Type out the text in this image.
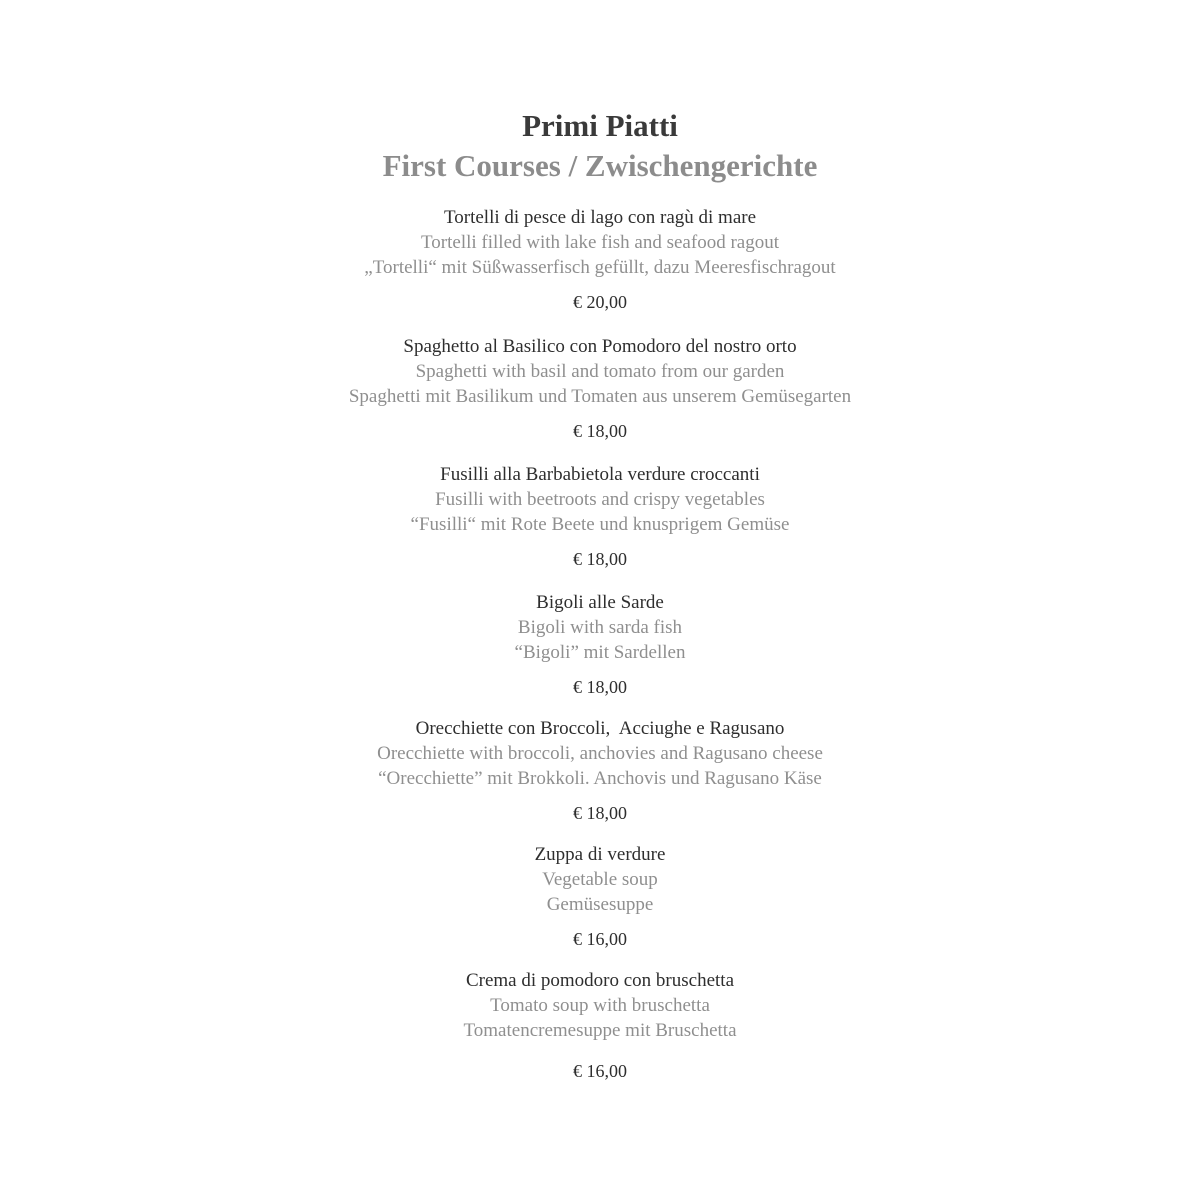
Primi Piatti
First Courses / Zwischengerichte
Tortelli di pesce di lago con ragù di mare
Tortelli filled with lake fish and seafood ragout
„Tortelli“ mit Süßwasserfisch gefüllt, dazu Meeresfischragout
€ 20,00
Spaghetto al Basilico con Pomodoro del nostro orto
Spaghetti with basil and tomato from our garden
Spaghetti mit Basilikum und Tomaten aus unserem Gemüsegarten
€ 18,00
Fusilli alla Barbabietola verdure croccanti
Fusilli with beetroots and crispy vegetables
“Fusilli“ mit Rote Beete und knusprigem Gemüse
€ 18,00
Bigoli alle Sarde
Bigoli with sarda fish
“Bigoli” mit Sardellen
€ 18,00
Orecchiette con Broccoli,  Acciughe e Ragusano
Orecchiette with broccoli, anchovies and Ragusano cheese
“Orecchiette” mit Brokkoli. Anchovis und Ragusano Käse
€ 18,00
Zuppa di verdure
Vegetable soup
Gemüsesuppe
€ 16,00
Crema di pomodoro con bruschetta
Tomato soup with bruschetta
Tomatencremesuppe mit Bruschetta
€ 16,00
